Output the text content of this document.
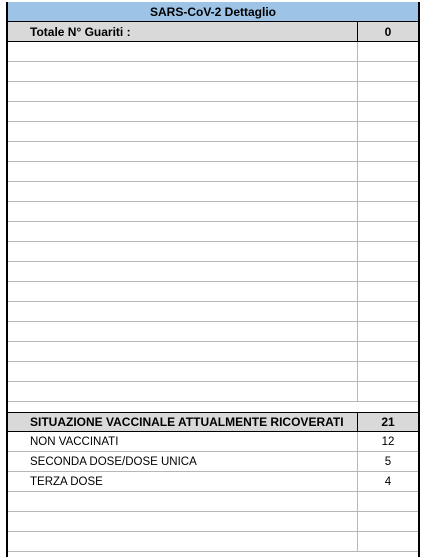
SARS-CoV-2 Dettaglio
Totale N° Guariti :	0
SITUAZIONE VACCINALE ATTUALMENTE RICOVERATI	21
NON VACCINATI	12
SECONDA DOSE/DOSE UNICA	5
TERZA DOSE	4
